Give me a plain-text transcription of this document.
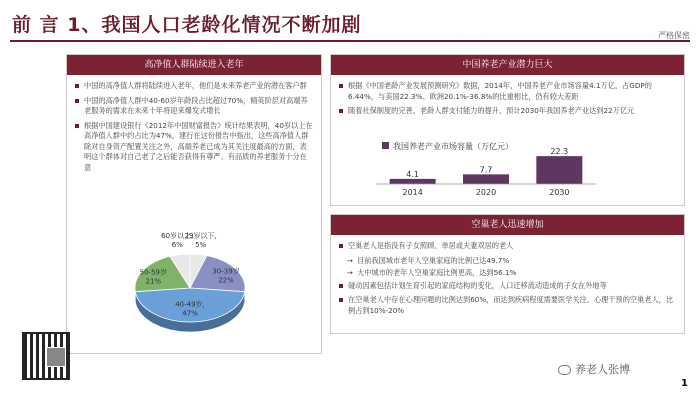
前 言 1、我国人口老龄化情况不断加剧	严格保密
高净值人群陆续进入老年
中国的高净值人群将陆续进入老年，他们是未来养老产业的潜在客户群
中国的高净值人群中40-60岁年龄段占比超过70%，精英阶层对高端养老服务的需求在未来十年将迎来爆发式增长
根据中国建设银行《2012年中国财富报告》统计结果表明，40岁以上在高净值人群中约占比为47%，建行在这份报告中指出，这些高净值人群除对自身资产配置关注之外，高端养老已成为其关注度最高的方面，表明这个群体对自己老了之后能否获得有尊严、有品质的养老服务十分在意
29岁以下, 5%
30-39岁 22%
40-49岁, 47%
50-59岁 21%
60岁以上, 6%
中国养老产业潜力巨大
根据《中国老龄产业发展预测研究》数据，2014年，中国养老产业市场容量4.1万亿，占GDP的6.44%，与美国22.3%、欧洲20.1%-36.8%的比重相比，仍有较大差距
随着社保制度的完善，老龄人群支付能力的提升，预计2030年我国养老产业达到22万亿元
我国养老产业市场容量（万亿元）
4.1
2014
7.7
2020
22.3
2030
空巢老人迅速增加
空巢老人是指没有子女照顾、单居或夫妻双居的老人
→ 目前我国城市老年人空巢家庭的比例已达49.7%
→ 大中城市的老年人空巢家庭比例更高，达到56.1%
碰动因素包括计划生育引起的家庭结构的变化，人口迁移流动造成的子女在外地等
在空巢老人中存在心理问题的比例达到60%，而达到疾病程度需要医学关注、心理干预的空巢老人，比例占到10%-20%
养老人张博
1
